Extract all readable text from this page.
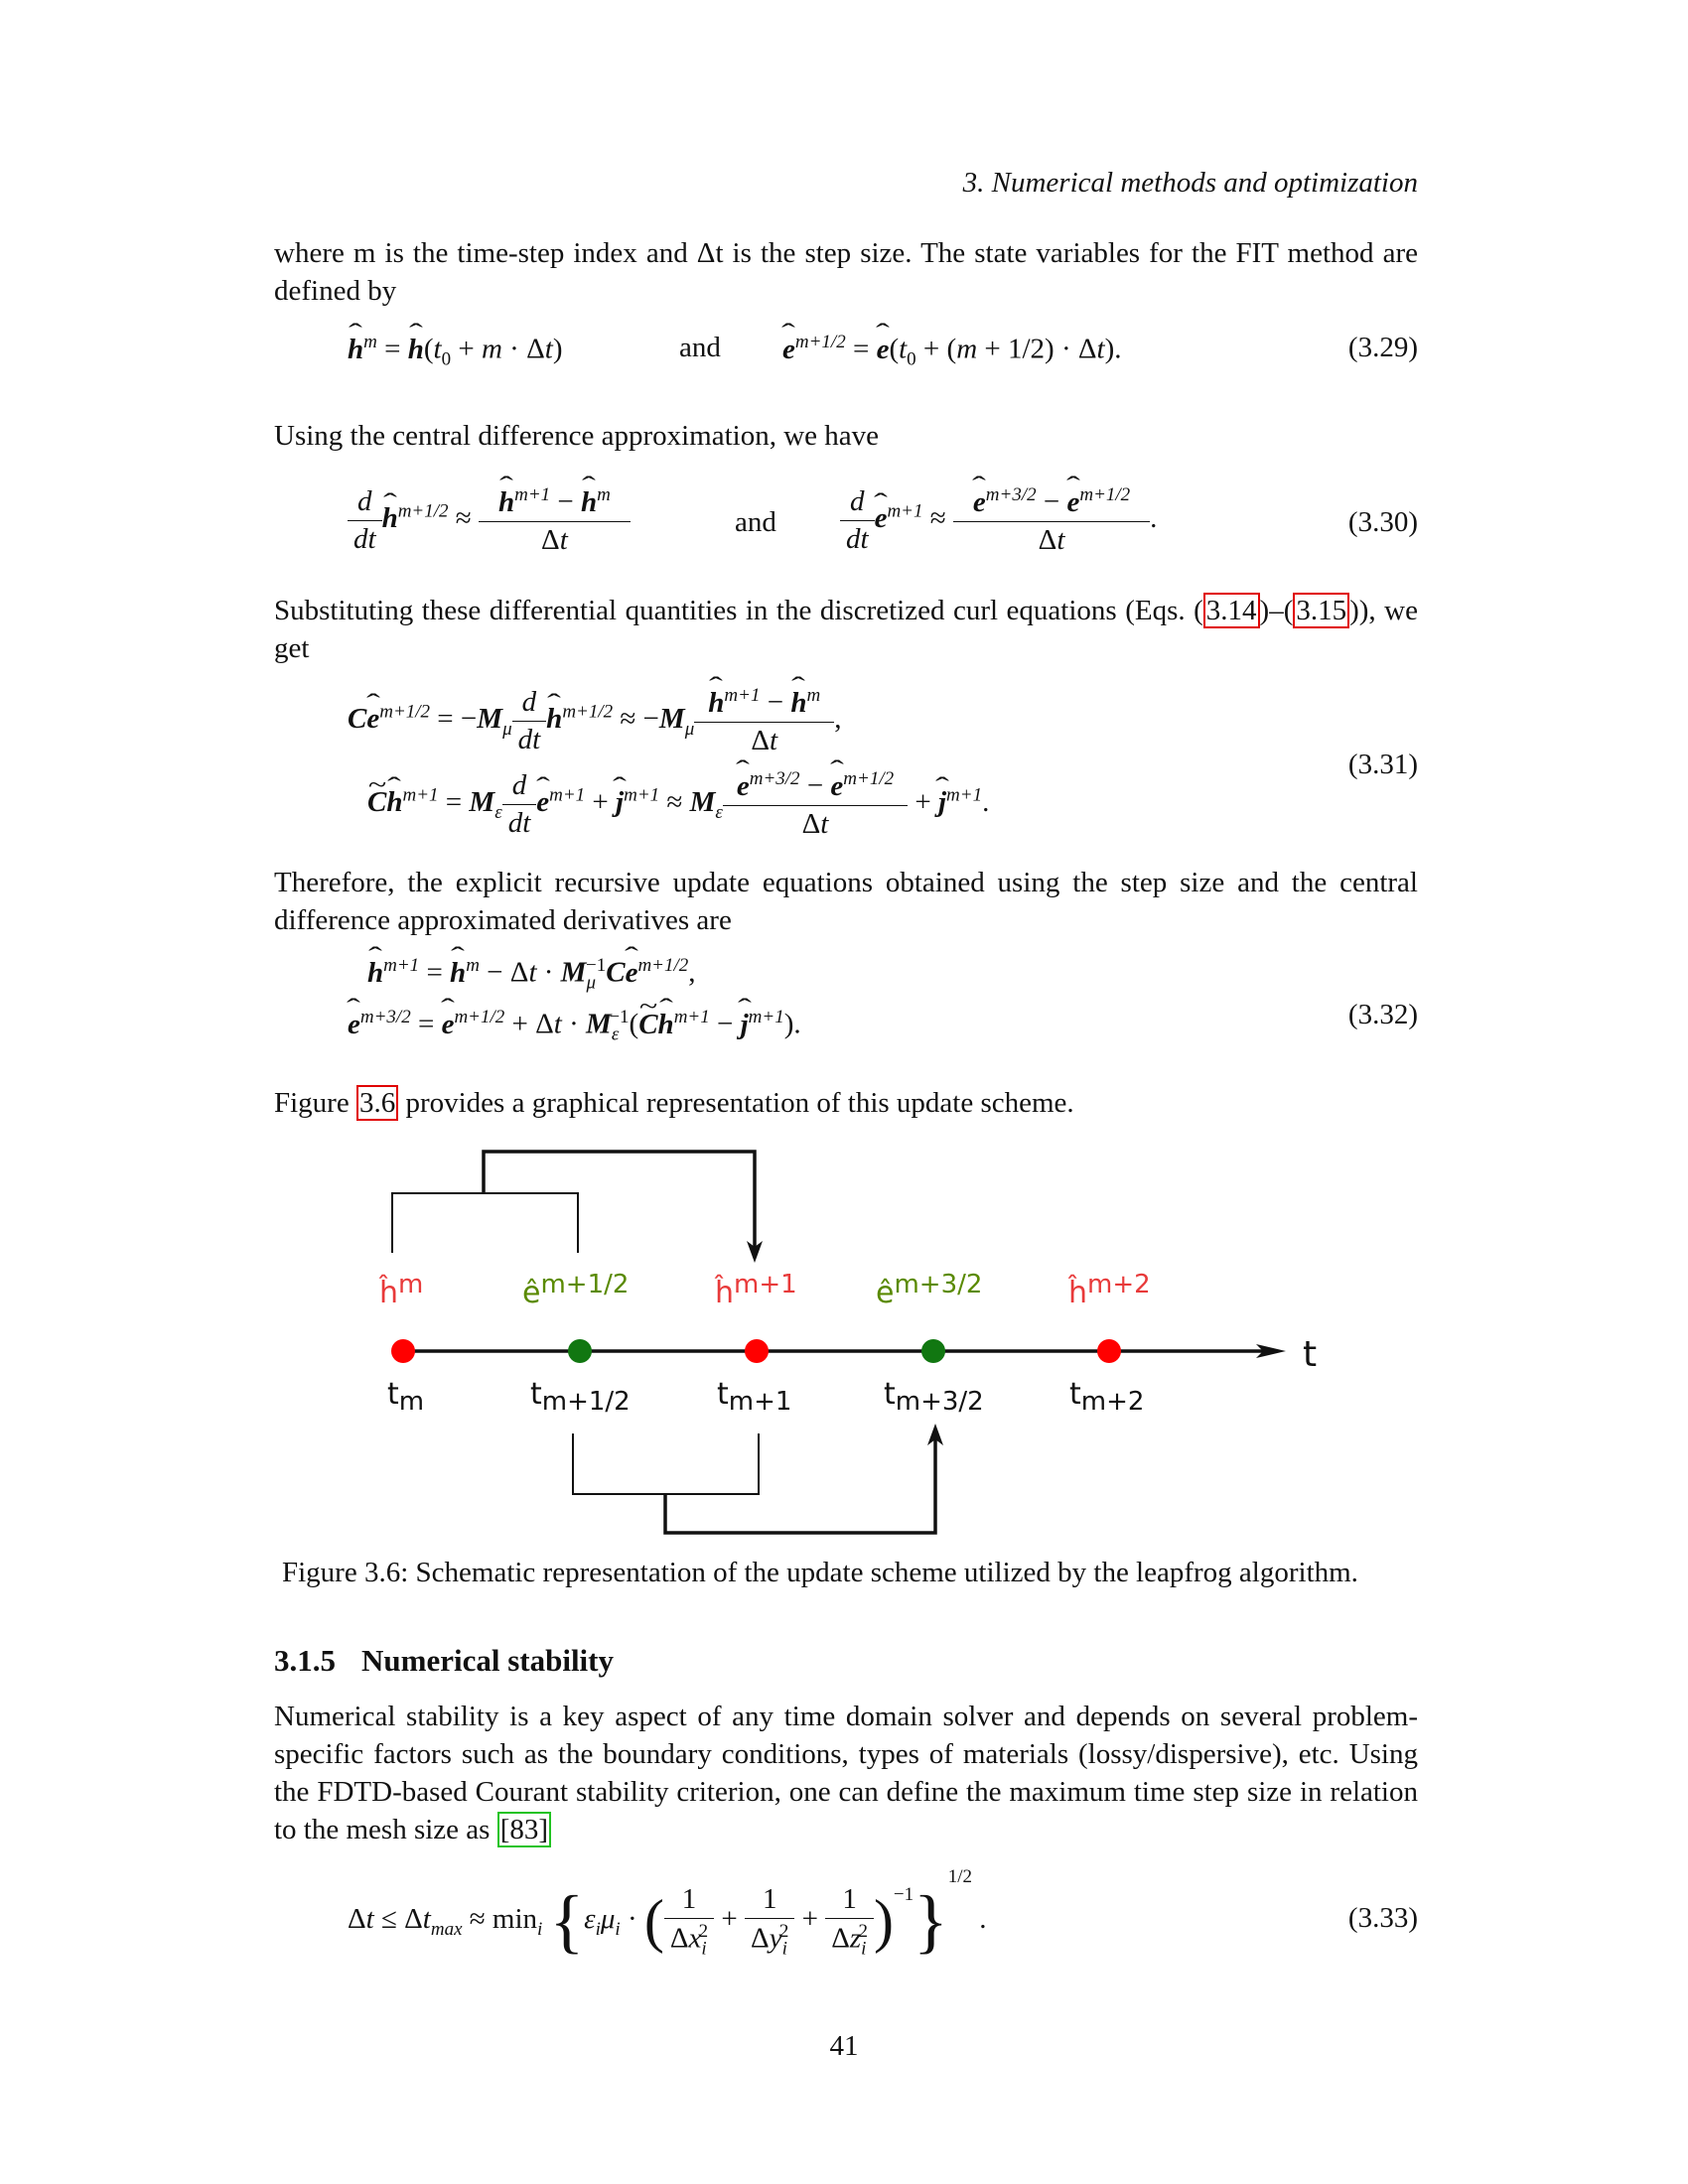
3. Numerical methods and optimization
where m is the time-step index and Δt is the step size. The state variables for the FIT method are defined by
ˆ $h^m$ = ˆ $h(t_0 + m \cdot \Delta t)$	and ˆ $e^{m+1/2}$ = ˆ $e(t_0 + (m + 1/2) \cdot \Delta t)$.	(3.29)
Using the central difference approximation, we have
$\frac{d}{dt}$ ˆ $h^{m+1/2}$ ≈ ˆ $\frac{h^{m+1} - ˆ h^m}{\Delta t}$	and $\frac{d}{dt}$ ˆ $e^{m+1}$ ≈ ˆ $\frac{e^{m+3/2} - ˆ e^{m+1/2}}{\Delta t}$ .	(3.30)
Substituting these differential quantities in the discretized curl equations (Eqs. ( 3.14 )–( 3.15 )), we get
Cˆ $e^{m+1/2} = -M_\mu \frac{d}{dt}$ ˆ $h^{m+1/2} \approx -M_\mu$ ˆ $\frac{h^{m+1} - ˆ h^m}{\Delta t}$ ,
~ Cˆ $h^{m+1} = M_\varepsilon \frac{d}{dt}$ ˆ $e^{m+1}$ + ˆ $j^{m+1} \approx M_\varepsilon$ ˆ $\frac{e^{m+3/2} - ˆ e^{m+1/2}}{\Delta t}$ + ˆ $j^{m+1}$.
(3.31)
Therefore, the explicit recursive update equations obtained using the step size and the central difference approximated derivatives are
ˆ $h^{m+1}$ = ˆ $h^m - \Delta t$ · $M_\mu^{-1}Cˆ$ $e^{m+1/2}$,
ˆ $e^{m+3/2}$ = ˆ $e^{m+1/2} + \Delta t$ · $M_\varepsilon^{-1}(\sim$ Cˆ $h^{m+1}$ − ˆ $j^{m+1}$).	(3.32)
Figure 3.6 provides a graphical representation of this update scheme.
t
ĥm	êm+1/2	ĥm+1	êm+3/2	ĥm+2
tm	tm+1/2	tm+1	tm+3/2	tm+2
Figure 3.6: Schematic representation of the update scheme utilized by the leapfrog algorithm.
3.1.5 Numerical stability
Numerical stability is a key aspect of any time domain solver and depends on several problem-specific factors such as the boundary conditions, types of materials (lossy/dispersive), etc. Using the FDTD-based Courant stability criterion, one can define the maximum time step size in relation to the mesh size as [83]
$\Delta t \le \Delta t_{max} \approx \min_i \{\varepsilon_i\mu_i$ · ( $\frac{1}{\Delta x_i^2} + \frac{1}{\Delta y_i^2} + \frac{1}{\Delta z_i^2} )^{-1}\}^{1/2}$ .	(3.33)
41
